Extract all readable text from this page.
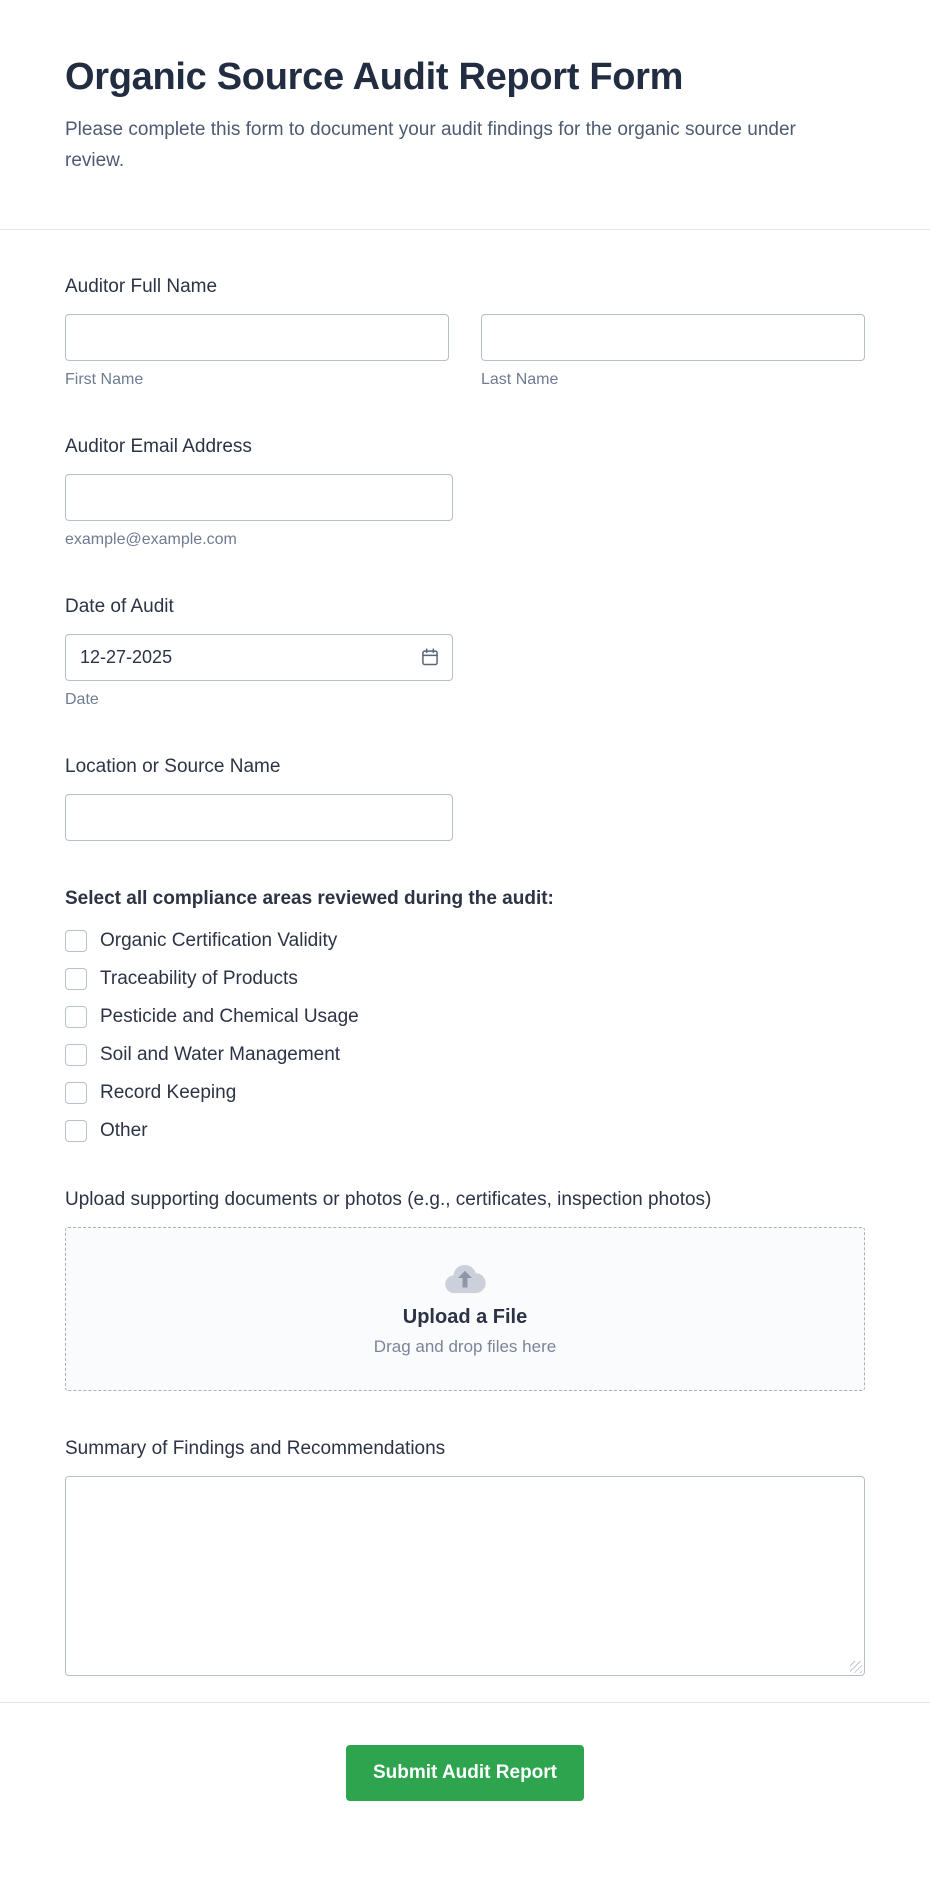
Organic Source Audit Report Form
Please complete this form to document your audit findings for the organic source under review.
Auditor Full Name
First Name	Last Name
Auditor Email Address
example@example.com
Date of Audit
12-27-2025
Date
Location or Source Name
Select all compliance areas reviewed during the audit:
Organic Certification Validity
Traceability of Products
Pesticide and Chemical Usage
Soil and Water Management
Record Keeping
Other
Upload supporting documents or photos (e.g., certificates, inspection photos)
Upload a File
Drag and drop files here
Summary of Findings and Recommendations
Submit Audit Report
